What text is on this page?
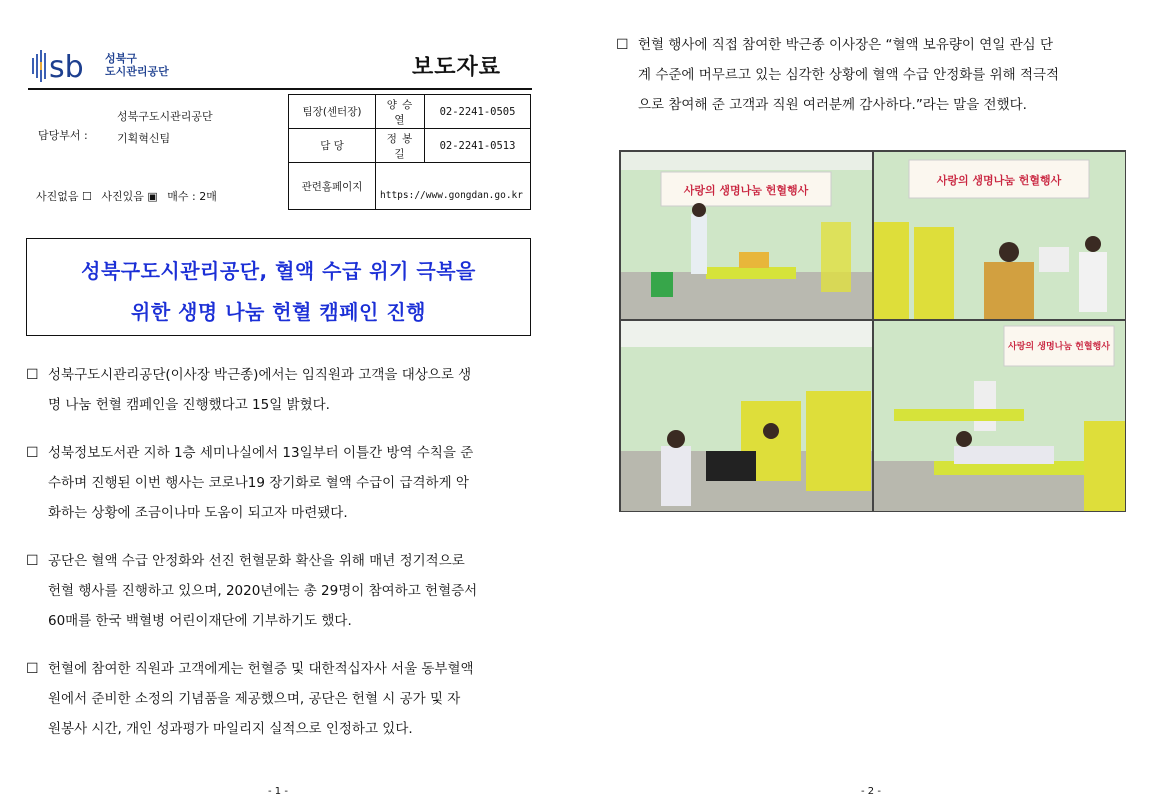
sb 성북구
도시관리공단	보도자료
성북구도시관리공단
담당부서 :	기획혁신팀
사진없음 ☐ 사진있음 ▣ 매수 : 2매
팀장(센터장)	양 승 열	02-2241-0505
담 당	정 봉 길	02-2241-0513
관련홈페이지	https://www.gongdan.go.kr	
성북구도시관리공단, 혈액 수급 위기 극복을
위한 생명 나눔 헌혈 캠페인 진행
☐ 성북구도시관리공단(이사장 박근종)에서는 임직원과 고객을 대상으로 생
명 나눔 헌혈 캠페인을 진행했다고 15일 밝혔다.
☐ 성북정보도서관 지하 1층 세미나실에서 13일부터 이틀간 방역 수칙을 준
수하며 진행된 이번 행사는 코로나19 장기화로 혈액 수급이 급격하게 악
화하는 상황에 조금이나마 도움이 되고자 마련됐다.
☐ 공단은 혈액 수급 안정화와 선진 헌혈문화 확산을 위해 매년 정기적으로
헌혈 행사를 진행하고 있으며, 2020년에는 총 29명이 참여하고 헌혈증서
60매를 한국 백혈병 어린이재단에 기부하기도 했다.
☐ 헌혈에 참여한 직원과 고객에게는 헌혈증 및 대한적십자사 서울 동부혈액
원에서 준비한 소정의 기념품을 제공했으며, 공단은 헌혈 시 공가 및 자
원봉사 시간, 개인 성과평가 마일리지 실적으로 인정하고 있다.
- 1 -
☐ 헌혈 행사에 직접 참여한 박근종 이사장은 “혈액 보유량이 연일 관심 단
계 수준에 머무르고 있는 심각한 상황에 혈액 수급 안정화를 위해 적극적
으로 참여해 준 고객과 직원 여러분께 감사하다.”라는 말을 전했다.
사랑의 생명나눔 헌혈행사
사랑의 생명나눔 헌혈행사
사랑의 생명나눔 헌혈행사
- 2 -
